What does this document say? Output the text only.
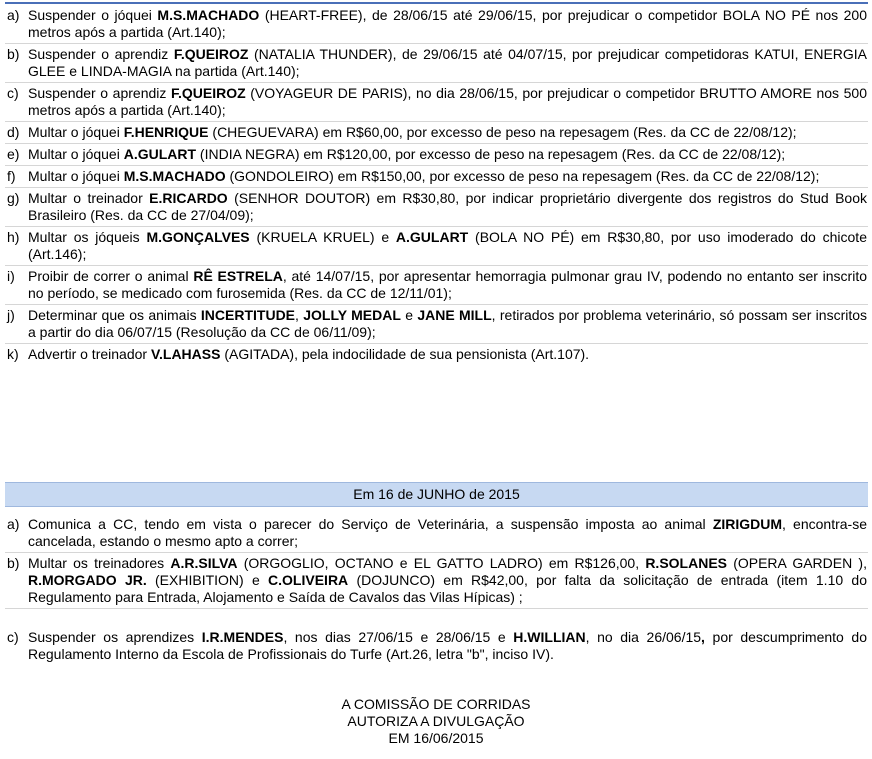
a) Suspender o jóquei M.S.MACHADO (HEART-FREE), de 28/06/15 até 29/06/15, por prejudicar o competidor BOLA NO PÉ nos 200 metros após a partida (Art.140);
b) Suspender o aprendiz F.QUEIROZ (NATALIA THUNDER), de 29/06/15 até 04/07/15, por prejudicar competidoras KATUI, ENERGIA GLEE e LINDA-MAGIA na partida (Art.140);
c) Suspender o aprendiz F.QUEIROZ (VOYAGEUR DE PARIS), no dia 28/06/15, por prejudicar o competidor BRUTTO AMORE nos 500 metros após a partida (Art.140);
d) Multar o jóquei F.HENRIQUE (CHEGUEVARA) em R$60,00, por excesso de peso na repesagem (Res. da CC de 22/08/12);
e) Multar o jóquei A.GULART (INDIA NEGRA) em R$120,00, por excesso de peso na repesagem (Res. da CC de 22/08/12);
f) Multar o jóquei M.S.MACHADO (GONDOLEIRO) em R$150,00, por excesso de peso na repesagem (Res. da CC de 22/08/12);
g) Multar o treinador E.RICARDO (SENHOR DOUTOR) em R$30,80, por indicar proprietário divergente dos registros do Stud Book Brasileiro (Res. da CC de 27/04/09);
h) Multar os jóqueis M.GONÇALVES (KRUELA KRUEL) e A.GULART (BOLA NO PÉ) em R$30,80, por uso imoderado do chicote (Art.146);
i) Proibir de correr o animal RÊ ESTRELA, até 14/07/15, por apresentar hemorragia pulmonar grau IV, podendo no entanto ser inscrito no período, se medicado com furosemida (Res. da CC de 12/11/01);
j) Determinar que os animais INCERTITUDE, JOLLY MEDAL e JANE MILL, retirados por problema veterinário, só possam ser inscritos a partir do dia 06/07/15 (Resolução da CC de 06/11/09);
k) Advertir o treinador V.LAHASS (AGITADA), pela indocilidade de sua pensionista (Art.107).
Em 16 de JUNHO de 2015
a) Comunica a CC, tendo em vista o parecer do Serviço de Veterinária, a suspensão imposta ao animal ZIRIGDUM, encontra-se cancelada, estando o mesmo apto a correr;
b) Multar os treinadores A.R.SILVA (ORGOGLIO, OCTANO e EL GATTO LADRO) em R$126,00, R.SOLANES (OPERA GARDEN ), R.MORGADO JR. (EXHIBITION) e C.OLIVEIRA (DOJUNCO) em R$42,00, por falta da solicitação de entrada (item 1.10 do Regulamento para Entrada, Alojamento e Saída de Cavalos das Vilas Hípicas) ;
c) Suspender os aprendizes I.R.MENDES, nos dias 27/06/15 e 28/06/15 e H.WILLIAN, no dia 26/06/15, por descumprimento do Regulamento Interno da Escola de Profissionais do Turfe (Art.26, letra "b", inciso IV).
A COMISSÃO DE CORRIDAS
AUTORIZA A DIVULGAÇÃO
EM 16/06/2015
